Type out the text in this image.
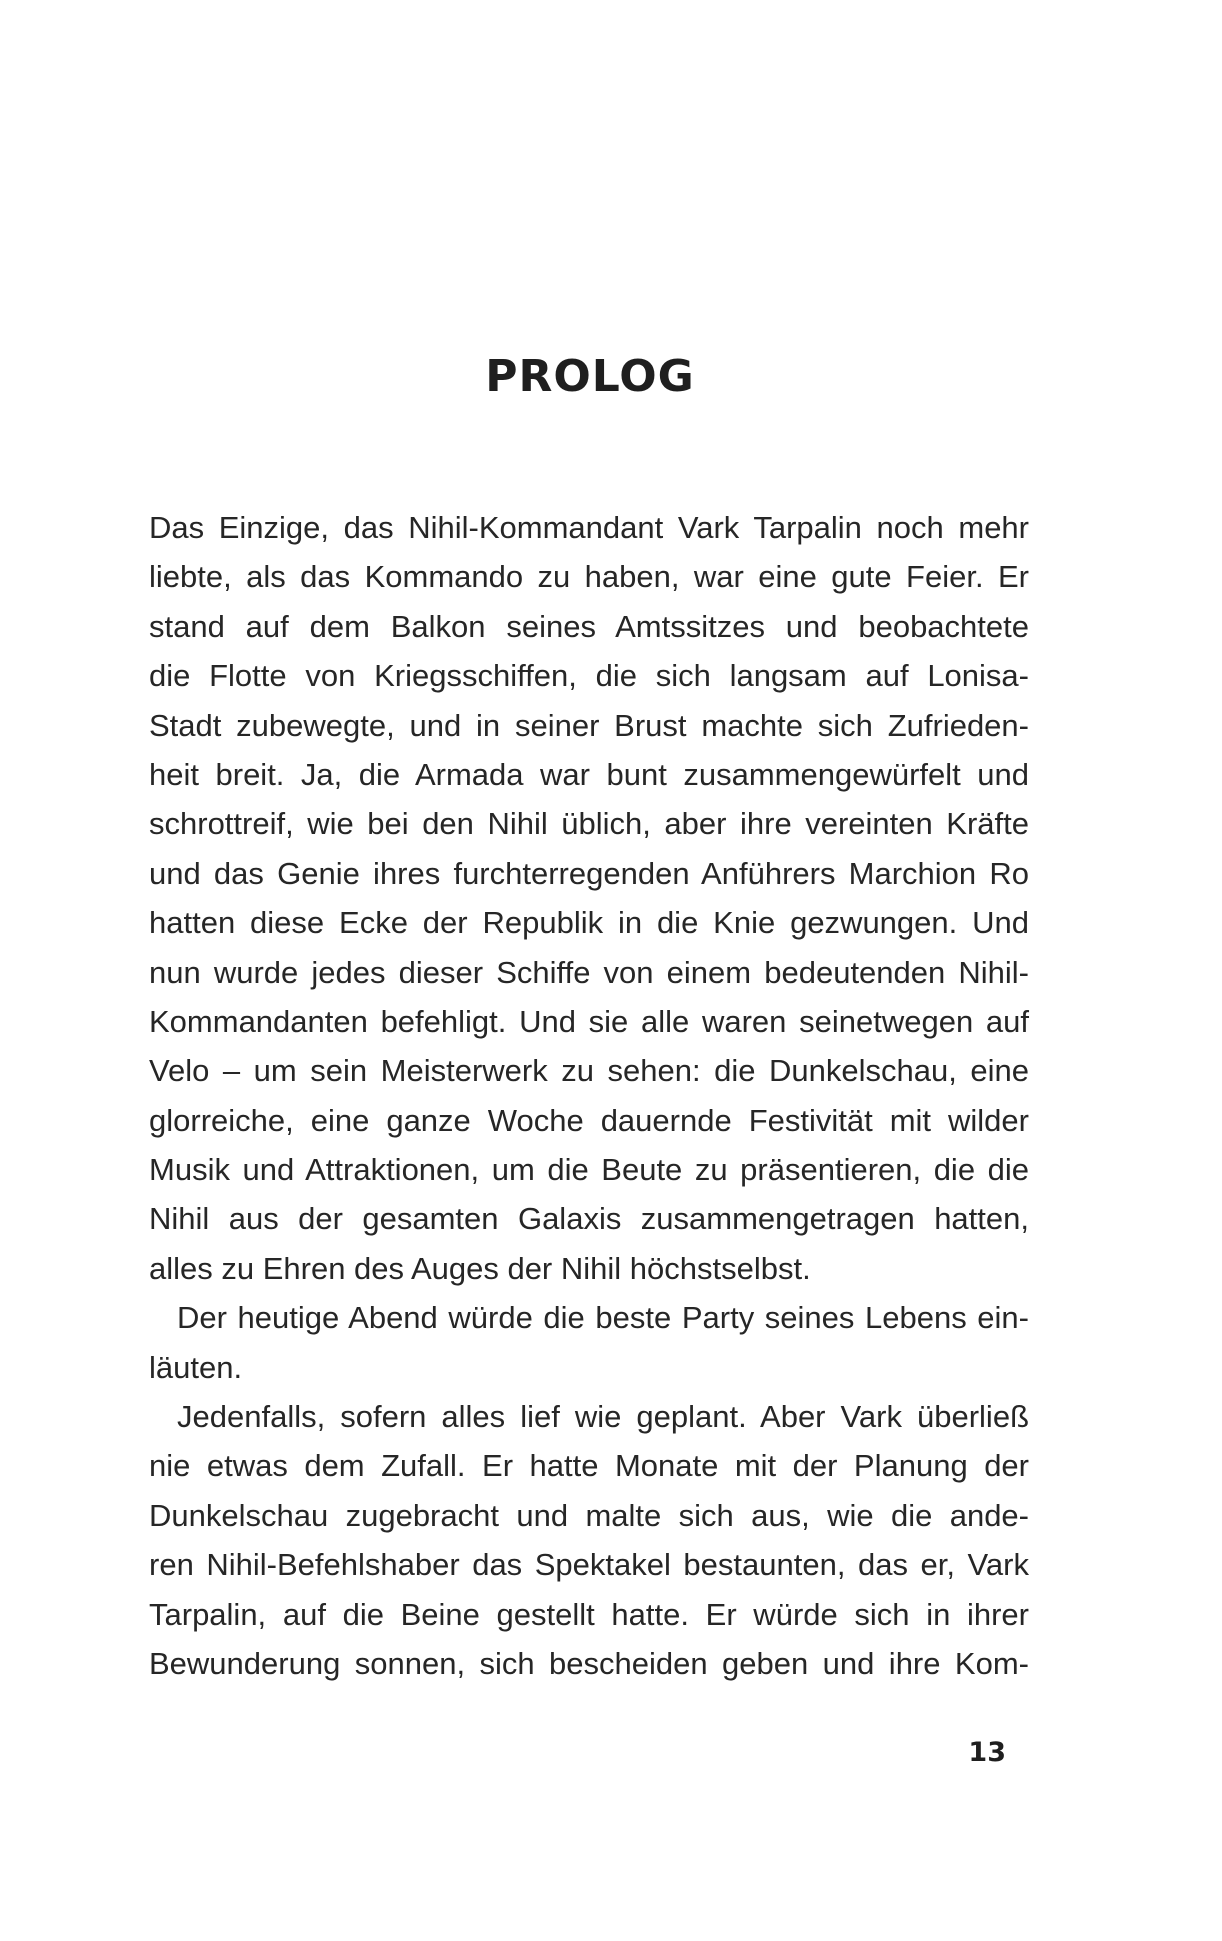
PROLOG
Das Einzige, das Nihil-Kommandant Vark Tarpalin noch mehr
liebte, als das Kommando zu haben, war eine gute Feier. Er
stand auf dem Balkon seines Amtssitzes und beobachtete
die Flotte von Kriegsschiffen, die sich langsam auf Lonisa-
Stadt zubewegte, und in seiner Brust machte sich Zufrieden-
heit breit. Ja, die Armada war bunt zusammengewürfelt und
schrottreif, wie bei den Nihil üblich, aber ihre vereinten Kräfte
und das Genie ihres furchterregenden Anführers Marchion Ro
hatten diese Ecke der Republik in die Knie gezwungen. Und
nun wurde jedes dieser Schiffe von einem bedeutenden Nihil-
Kommandanten befehligt. Und sie alle waren seinetwegen auf
Velo – um sein Meisterwerk zu sehen: die Dunkelschau, eine
glorreiche, eine ganze Woche dauernde Festivität mit wilder
Musik und Attraktionen, um die Beute zu präsentieren, die die
Nihil aus der gesamten Galaxis zusammengetragen hatten,
alles zu Ehren des Auges der Nihil höchstselbst.
Der heutige Abend würde die beste Party seines Lebens ein-
läuten.
Jedenfalls, sofern alles lief wie geplant. Aber Vark überließ
nie etwas dem Zufall. Er hatte Monate mit der Planung der
Dunkelschau zugebracht und malte sich aus, wie die ande-
ren Nihil-Befehlshaber das Spektakel bestaunten, das er, Vark
Tarpalin, auf die Beine gestellt hatte. Er würde sich in ihrer
Bewunderung sonnen, sich bescheiden geben und ihre Kom-
13
